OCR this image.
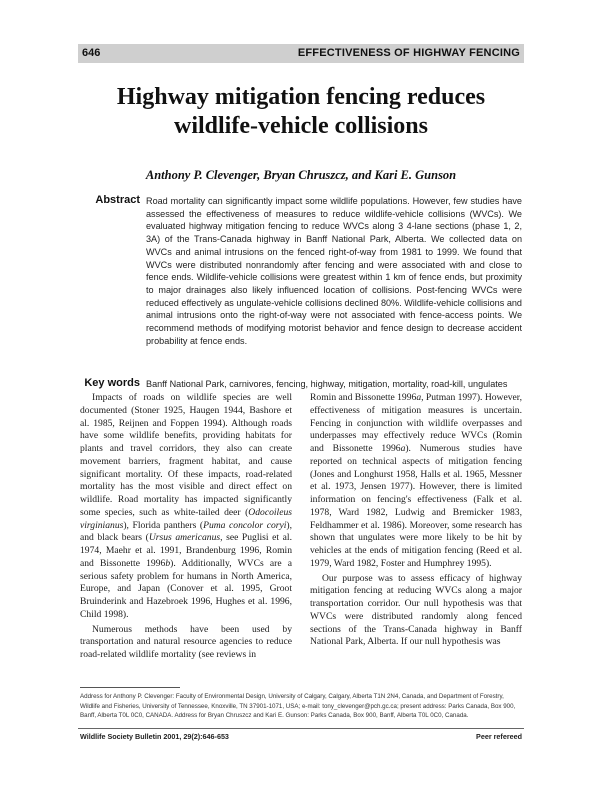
646	EFFECTIVENESS OF HIGHWAY FENCING
Highway mitigation fencing reduces
wildlife-vehicle collisions
Anthony P. Clevenger, Bryan Chruszcz, and Kari E. Gunson
Abstract Road mortality can significantly impact some wildlife populations. However, few studies have assessed the effectiveness of measures to reduce wildlife-vehicle collisions (WVCs). We evaluated highway mitigation fencing to reduce WVCs along 3 4-lane sections (phase 1, 2, 3A) of the Trans-Canada highway in Banff National Park, Alberta. We collected data on WVCs and animal intrusions on the fenced right-of-way from 1981 to 1999. We found that WVCs were distributed nonrandomly after fencing and were associated with and close to fence ends. Wildlife-vehicle collisions were greatest within 1 km of fence ends, but proximity to major drainages also likely influenced location of collisions. Post-fencing WVCs were reduced effectively as ungulate-vehicle collisions declined 80%. Wildlife-vehicle collisions and animal intrusions onto the right-of-way were not associated with fence-access points. We recommend methods of modifying motorist behavior and fence design to decrease accident probability at fence ends.
Key words Banff National Park, carnivores, fencing, highway, mitigation, mortality, road-kill, ungulates

Impacts of roads on wildlife species are well documented (Stoner 1925, Haugen 1944, Bashore et al. 1985, Reijnen and Foppen 1994). Although roads have some wildlife benefits, providing habitats for plants and travel corridors, they also can create movement barriers, fragment habitat, and cause significant mortality. Of these impacts, road-related mortality has the most visible and direct effect on wildlife. Road mortality has impacted significantly some species, such as white-tailed deer (Odocoileus virginianus), Florida panthers (Puma concolor coryi), and black bears (Ursus americanus, see Puglisi et al. 1974, Maehr et al. 1991, Brandenburg 1996, Romin and Bissonette 1996b). Additionally, WVCs are a serious safety problem for humans in North America, Europe, and Japan (Conover et al. 1995, Groot Bruinderink and Hazebroek 1996, Hughes et al. 1996, Child 1998).

Numerous methods have been used by transportation and natural resource agencies to reduce road-related wildlife mortality (see reviews in

Romin and Bissonette 1996a, Putman 1997). However, effectiveness of mitigation measures is uncertain. Fencing in conjunction with wildlife overpasses and underpasses may effectively reduce WVCs (Romin and Bissonette 1996a). Numerous studies have reported on technical aspects of mitigation fencing (Jones and Longhurst 1958, Halls et al. 1965, Messner et al. 1973, Jensen 1977). However, there is limited information on fencing's effectiveness (Falk et al. 1978, Ward 1982, Ludwig and Bremicker 1983, Feldhammer et al. 1986). Moreover, some research has shown that ungulates were more likely to be hit by vehicles at the ends of mitigation fencing (Reed et al. 1979, Ward 1982, Foster and Humphrey 1995).

Our purpose was to assess efficacy of highway mitigation fencing at reducing WVCs along a major transportation corridor. Our null hypothesis was that WVCs were distributed randomly along fenced sections of the Trans-Canada highway in Banff National Park, Alberta. If our null hypothesis was

Address for Anthony P. Clevenger: Faculty of Environmental Design, University of Calgary, Calgary, Alberta T1N 2N4, Canada, and Department of Forestry, Wildlife and Fisheries, University of Tennessee, Knoxville, TN 37901-1071, USA; e-mail: tony_clevenger@pch.gc.ca; present address: Parks Canada, Box 900, Banff, Alberta T0L 0C0, CANADA. Address for Bryan Chruszcz and Kari E. Gunson: Parks Canada, Box 900, Banff, Alberta T0L 0C0, Canada.
Wildlife Society Bulletin 2001, 29(2):646-653	Peer refereed
